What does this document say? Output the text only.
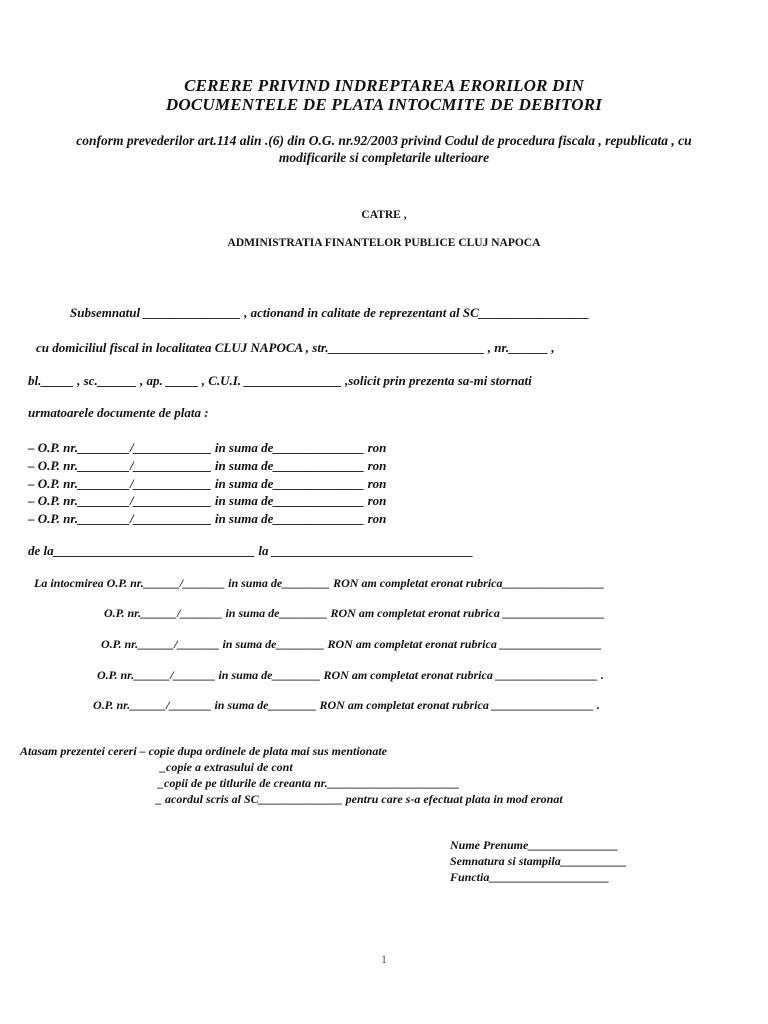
CERERE PRIVIND INDREPTAREA ERORILOR DIN
DOCUMENTELE DE PLATA INTOCMITE DE DEBITORI
conform prevederilor art.114 alin .(6) din O.G. nr.92/2003 privind Codul de procedura fiscala , republicata , cu
modificarile si completarile ulterioare
CATRE ,
ADMINISTRATIA FINANTELOR PUBLICE CLUJ NAPOCA
Subsemnatul _______________ , actionand in calitate de reprezentant al SC_________________
cu domiciliul fiscal in localitatea CLUJ NAPOCA , str.________________________ , nr.______ ,
bl._____ , sc.______ , ap. _____ , C.U.I. _______________ ,solicit prin prezenta sa-mi stornati
urmatoarele documente de plata :
– O.P. nr.________/____________ in suma de______________ ron
– O.P. nr.________/____________ in suma de______________ ron
– O.P. nr.________/____________ in suma de______________ ron
– O.P. nr.________/____________ in suma de______________ ron
– O.P. nr.________/____________ in suma de______________ ron
de la_______________________________ la _______________________________
La intocmirea O.P. nr.______/_______ in suma de________ RON am completat eronat rubrica_________________
O.P. nr.______/_______ in suma de________ RON am completat eronat rubrica _________________
O.P. nr.______/_______ in suma de________ RON am completat eronat rubrica _________________
O.P. nr.______/_______ in suma de________ RON am completat eronat rubrica _________________ .
O.P. nr.______/_______ in suma de________ RON am completat eronat rubrica _________________ .
Atasam prezentei cereri – copie dupa ordinele de plata mai sus mentionate
_copie a extrasului de cont
_copii de pe titlurile de creanta nr.______________________
_ acordul scris al SC______________ pentru care s-a efectuat plata in mod eronat
Nume Prenume_______________
Semnatura si stampila___________
Functia____________________
1
